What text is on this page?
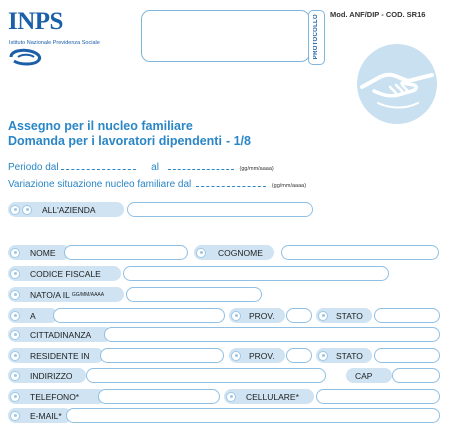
INPS
Istituto Nazionale Previdenza Sociale	PROTOCOLLO Mod. ANF/DIP - COD. SR16
Assegno per il nucleo familiare
Domanda per i lavoratori dipendenti - 1/8
Periodo dal	al	(gg/mm/aaaa)
Variazione situazione nucleo familiare dal	(gg/mm/aaaa)
ALL'AZIENDA
NOME	COGNOME
CODICE FISCALE
NATO/A IL GG/MM/AAAA
A	PROV.	STATO
CITTADINANZA
RESIDENTE IN	PROV.	STATO
INDIRIZZO	CAP
TELEFONO*	CELLULARE*
E-MAIL*
